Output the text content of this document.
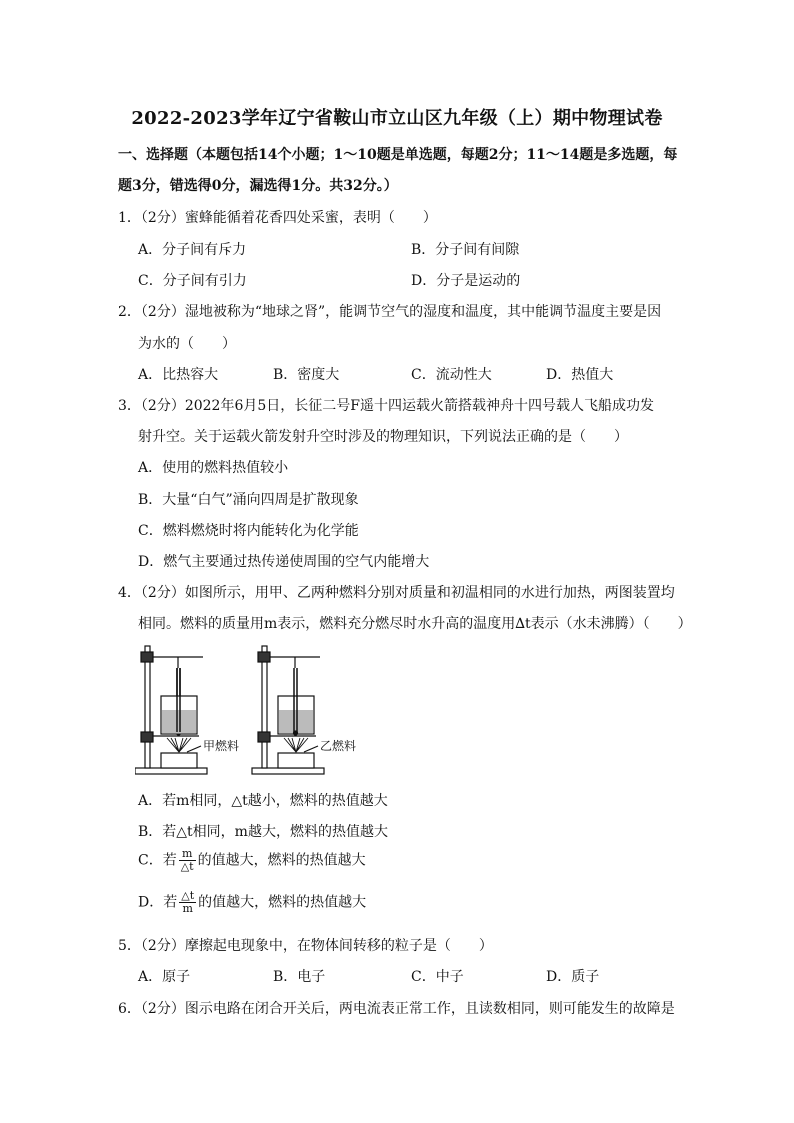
2022-2023学年辽宁省鞍山市立山区九年级（上）期中物理试卷
一、选择题（本题包括14个小题；1～10题是单选题，每题2分；11～14题是多选题，每
题3分，错选得0分，漏选得1分。共32分。）
1．（2分）蜜蜂能循着花香四处采蜜，表明（　　）
A．分子间有斥力	B．分子间有间隙
C．分子间有引力	D．分子是运动的
2．（2分）湿地被称为“地球之肾”，能调节空气的湿度和温度，其中能调节温度主要是因
为水的（　　）
A．比热容大	B．密度大	C．流动性大	D．热值大
3．（2分）2022年6月5日，长征二号F遥十四运载火箭搭载神舟十四号载人飞船成功发
射升空。关于运载火箭发射升空时涉及的物理知识，下列说法正确的是（　　）
A．使用的燃料热值较小
B．大量“白气”涌向四周是扩散现象
C．燃料燃烧时将内能转化为化学能
D．燃气主要通过热传递使周围的空气内能增大
4．（2分）如图所示，用甲、乙两种燃料分别对质量和初温相同的水进行加热，两图装置均
相同。燃料的质量用m表示，燃料充分燃尽时水升高的温度用∆t表示（水未沸腾）（　　）
甲燃料	乙燃料
A．若m相同，△t越小，燃料的热值越大
B．若△t相同，m越大，燃料的热值越大
C．若 $\frac{m}{\triangle t}$ 的值越大，燃料的热值越大
D．若 $\frac{\triangle t}{m}$ 的值越大，燃料的热值越大
5．（2分）摩擦起电现象中，在物体间转移的粒子是（　　）
A．原子	B．电子	C．中子	D．质子
6．（2分）图示电路在闭合开关后，两电流表正常工作，且读数相同，则可能发生的故障是
